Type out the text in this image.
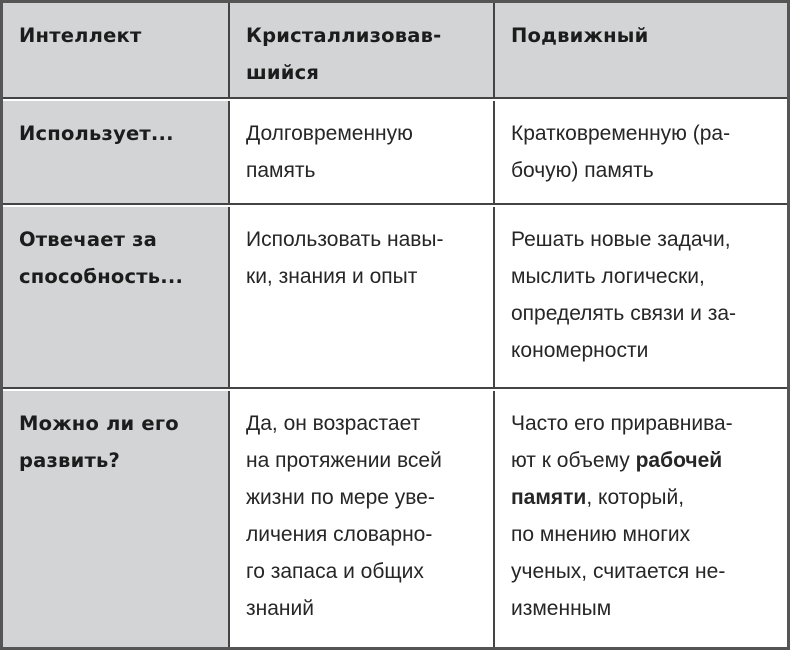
Интеллект	Кристаллизовав-
шийся
Подвижный
Использует...	Долговременную
память
Кратковременную (ра-
бочую) память
Отвечает за
способность...
Использовать навы-
ки, знания и опыт
Решать новые задачи,
мыслить логически,
определять связи и за-
кономерности
Можно ли его
развить?
Да, он возрастает
на протяжении всей
жизни по мере уве-
личения словарно-
го запаса и общих
знаний
Часто его приравнива-
ют к объему рабочей
памяти, который,
по мнению многих
ученых, считается не-
изменным
